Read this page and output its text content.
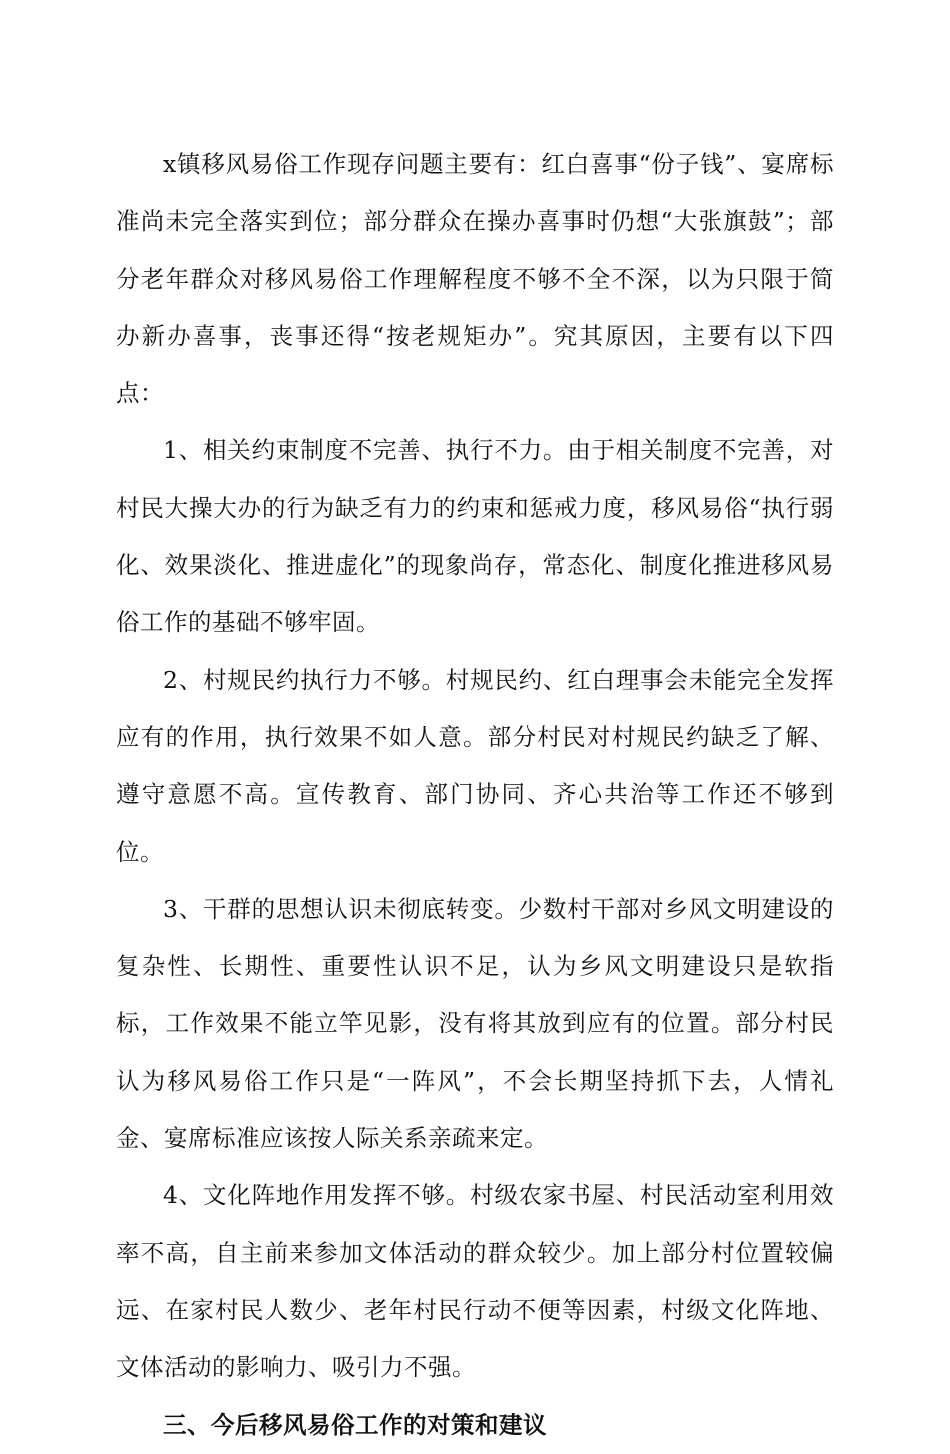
x镇移风易俗工作现存问题主要有：红白喜事“份子钱”、宴席标准尚未完全落实到位；部分群众在操办喜事时仍想“大张旗鼓”；部分老年群众对移风易俗工作理解程度不够不全不深，以为只限于简办新办喜事，丧事还得“按老规矩办”。究其原因，主要有以下四点：

1、相关约束制度不完善、执行不力。由于相关制度不完善，对村民大操大办的行为缺乏有力的约束和惩戒力度，移风易俗“执行弱化、效果淡化、推进虚化”的现象尚存，常态化、制度化推进移风易俗工作的基础不够牢固。

2、村规民约执行力不够。村规民约、红白理事会未能完全发挥应有的作用，执行效果不如人意。部分村民对村规民约缺乏了解、遵守意愿不高。宣传教育、部门协同、齐心共治等工作还不够到位。

3、干群的思想认识未彻底转变。少数村干部对乡风文明建设的复杂性、长期性、重要性认识不足，认为乡风文明建设只是软指标，工作效果不能立竿见影，没有将其放到应有的位置。部分村民认为移风易俗工作只是“一阵风”，不会长期坚持抓下去，人情礼金、宴席标准应该按人际关系亲疏来定。

4、文化阵地作用发挥不够。村级农家书屋、村民活动室利用效率不高，自主前来参加文体活动的群众较少。加上部分村位置较偏远、在家村民人数少、老年村民行动不便等因素，村级文化阵地、文体活动的影响力、吸引力不强。

三、今后移风易俗工作的对策和建议
